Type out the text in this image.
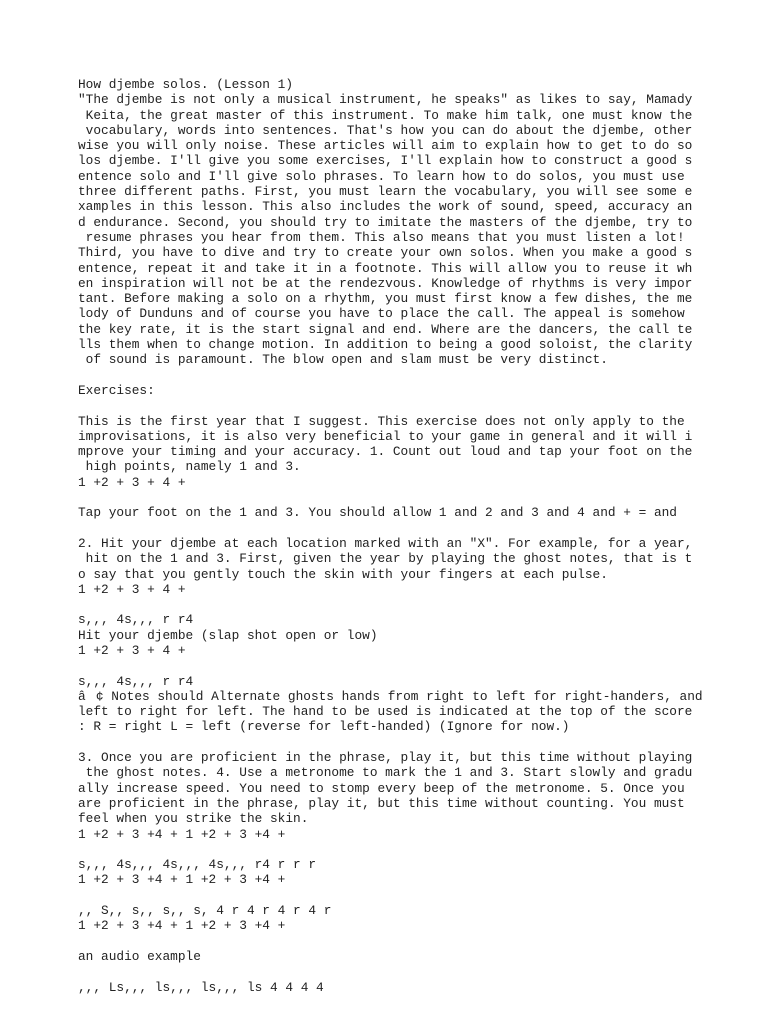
How djembe solos. (Lesson 1)
"The djembe is not only a musical instrument, he speaks" as likes to say, Mamady
Keita, the great master of this instrument. To make him talk, one must know the
vocabulary, words into sentences. That's how you can do about the djembe, other
wise you will only noise. These articles will aim to explain how to get to do so
los djembe. I'll give you some exercises, I'll explain how to construct a good s
entence solo and I'll give solo phrases. To learn how to do solos, you must use
three different paths. First, you must learn the vocabulary, you will see some e
xamples in this lesson. This also includes the work of sound, speed, accuracy an
d endurance. Second, you should try to imitate the masters of the djembe, try to
resume phrases you hear from them. This also means that you must listen a lot!
Third, you have to dive and try to create your own solos. When you make a good s
entence, repeat it and take it in a footnote. This will allow you to reuse it wh
en inspiration will not be at the rendezvous. Knowledge of rhythms is very impor
tant. Before making a solo on a rhythm, you must first know a few dishes, the me
lody of Dunduns and of course you have to place the call. The appeal is somehow
the key rate, it is the start signal and end. Where are the dancers, the call te
lls them when to change motion. In addition to being a good soloist, the clarity
of sound is paramount. The blow open and slam must be very distinct.
Exercises:
This is the first year that I suggest. This exercise does not only apply to the
improvisations, it is also very beneficial to your game in general and it will i
mprove your timing and your accuracy. 1. Count out loud and tap your foot on the
high points, namely 1 and 3.
1 +2 + 3 + 4 +
Tap your foot on the 1 and 3. You should allow 1 and 2 and 3 and 4 and + = and
2. Hit your djembe at each location marked with an "X". For example, for a year,
hit on the 1 and 3. First, given the year by playing the ghost notes, that is t
o say that you gently touch the skin with your fingers at each pulse.
1 +2 + 3 + 4 +
s,,, 4s,,, r r4
Hit your djembe (slap shot open or low)
1 +2 + 3 + 4 +
s,,, 4s,,, r r4
â¢ Notes should Alternate ghosts hands from right to left for right-handers, and
left to right for left. The hand to be used is indicated at the top of the score
: R = right L = left (reverse for left-handed) (Ignore for now.)
3. Once you are proficient in the phrase, play it, but this time without playing
the ghost notes. 4. Use a metronome to mark the 1 and 3. Start slowly and gradu
ally increase speed. You need to stomp every beep of the metronome. 5. Once you
are proficient in the phrase, play it, but this time without counting. You must
feel when you strike the skin.
1 +2 + 3 +4 + 1 +2 + 3 +4 +
s,,, 4s,,, 4s,,, 4s,,, r4 r r r
1 +2 + 3 +4 + 1 +2 + 3 +4 +
,, S,, s,, s,, s, 4 r 4 r 4 r 4 r
1 +2 + 3 +4 + 1 +2 + 3 +4 +
an audio example
,,, Ls,,, ls,,, ls,,, ls 4 4 4 4
